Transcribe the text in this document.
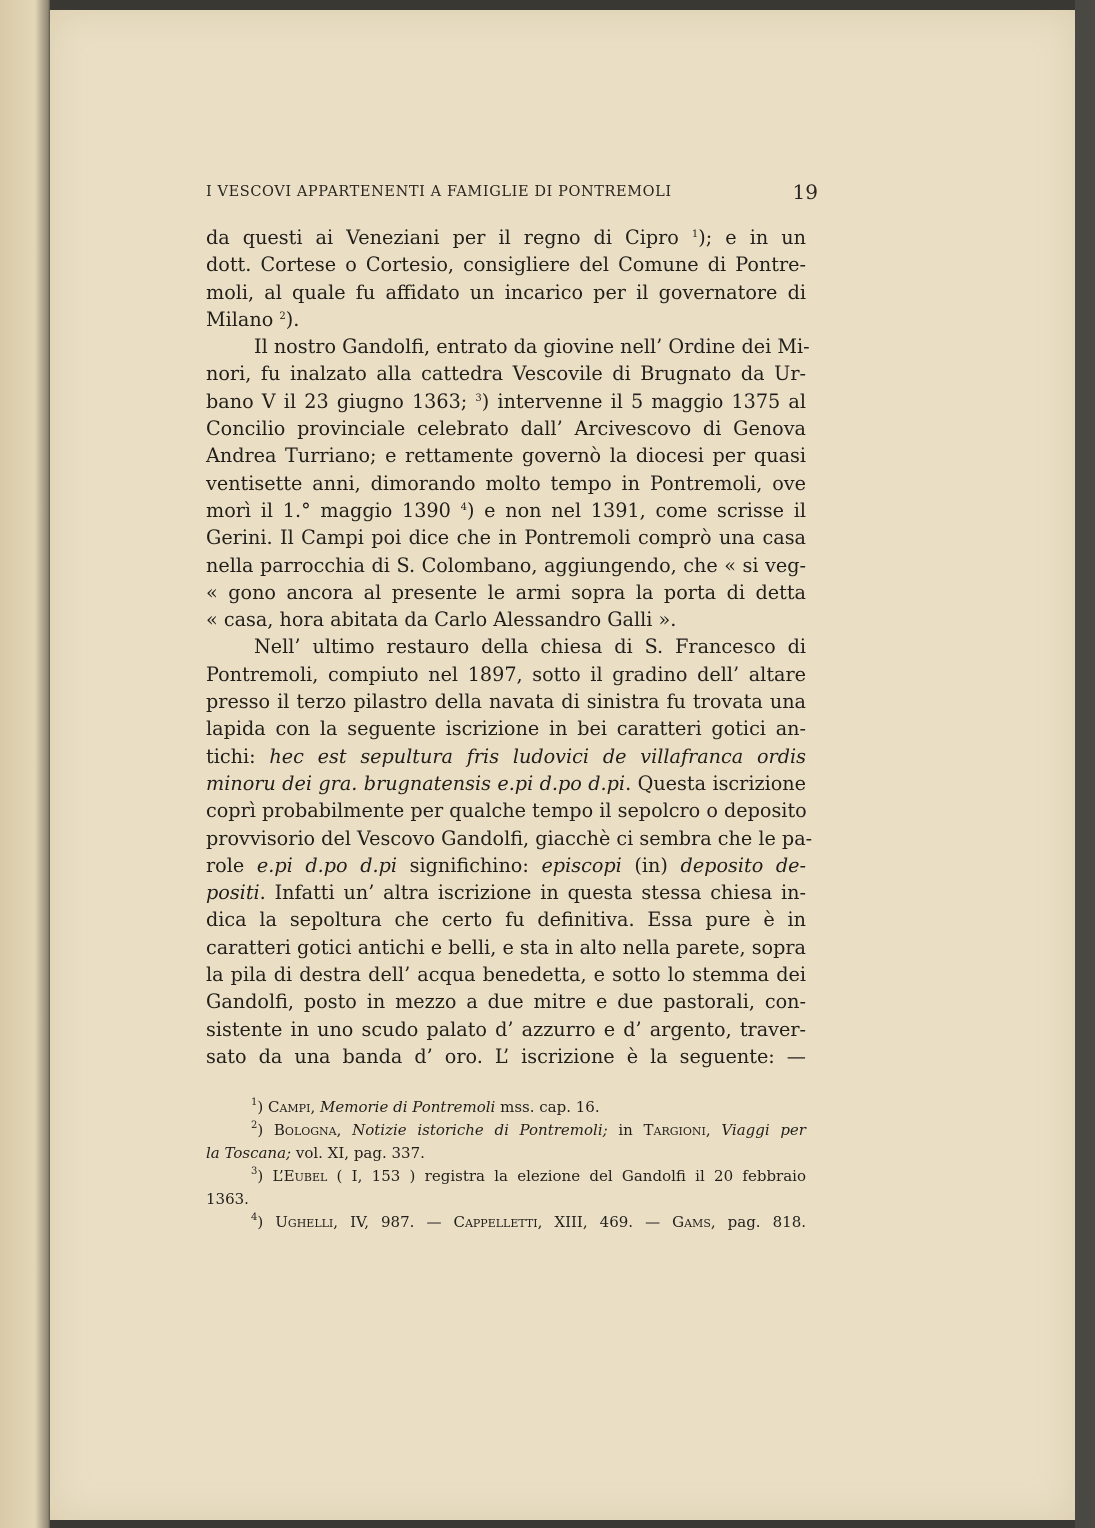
I VESCOVI APPARTENENTI A FAMIGLIE DI PONTREMOLI	19
da questi ai Veneziani per il regno di Cipro $^1$); e in un
dott. Cortese o Cortesio, consigliere del Comune di Pontre-
moli, al quale fu affidato un incarico per il governatore di
Milano $^2$).
Il nostro Gandolfi, entrato da giovine nell’ Ordine dei Mi-
nori, fu inalzato alla cattedra Vescovile di Brugnato da Ur-
bano V il 23 giugno 1363; $^3$) intervenne il 5 maggio 1375 al
Concilio provinciale celebrato dall’ Arcivescovo di Genova
Andrea Turriano; e rettamente governò la diocesi per quasi
ventisette anni, dimorando molto tempo in Pontremoli, ove
morì il 1.° maggio 1390 $^4$) e non nel 1391, come scrisse il
Gerini. Il Campi poi dice che in Pontremoli comprò una casa
nella parrocchia di S. Colombano, aggiungendo, che « si veg-
« gono ancora al presente le armi sopra la porta di detta
« casa, hora abitata da Carlo Alessandro Galli ».
Nell’ ultimo restauro della chiesa di S. Francesco di
Pontremoli, compiuto nel 1897, sotto il gradino dell’ altare
presso il terzo pilastro della navata di sinistra fu trovata una
lapida con la seguente iscrizione in bei caratteri gotici an-
tichi: hec est sepultura fris ludovici de villafranca ordis
minoru dei gra. brugnatensis e.pi d.po d.pi. Questa iscrizione
coprì probabilmente per qualche tempo il sepolcro o deposito
provvisorio del Vescovo Gandolfi, giacchè ci sembra che le pa-
role e.pi d.po d.pi significhino: episcopi (in) deposito de-
positi. Infatti un’ altra iscrizione in questa stessa chiesa in-
dica la sepoltura che certo fu definitiva. Essa pure è in
caratteri gotici antichi e belli, e sta in alto nella parete, sopra
la pila di destra dell’ acqua benedetta, e sotto lo stemma dei
Gandolfi, posto in mezzo a due mitre e due pastorali, con-
sistente in uno scudo palato d’ azzurro e d’ argento, traver-
sato da una banda d’ oro. L’ iscrizione è la seguente: —
$^1$) Campi, Memorie di Pontremoli mss. cap. 16.
$^2$) Bologna, Notizie istoriche di Pontremoli; in Targioni, Viaggi per
la Toscana; vol. XI, pag. 337.
$^3$) L’Eubel ( I, 153 ) registra la elezione del Gandolfi il 20 febbraio
1363.
$^4$) Ughelli, IV, 987. — Cappelletti, XIII, 469. — Gams, pag. 818.
